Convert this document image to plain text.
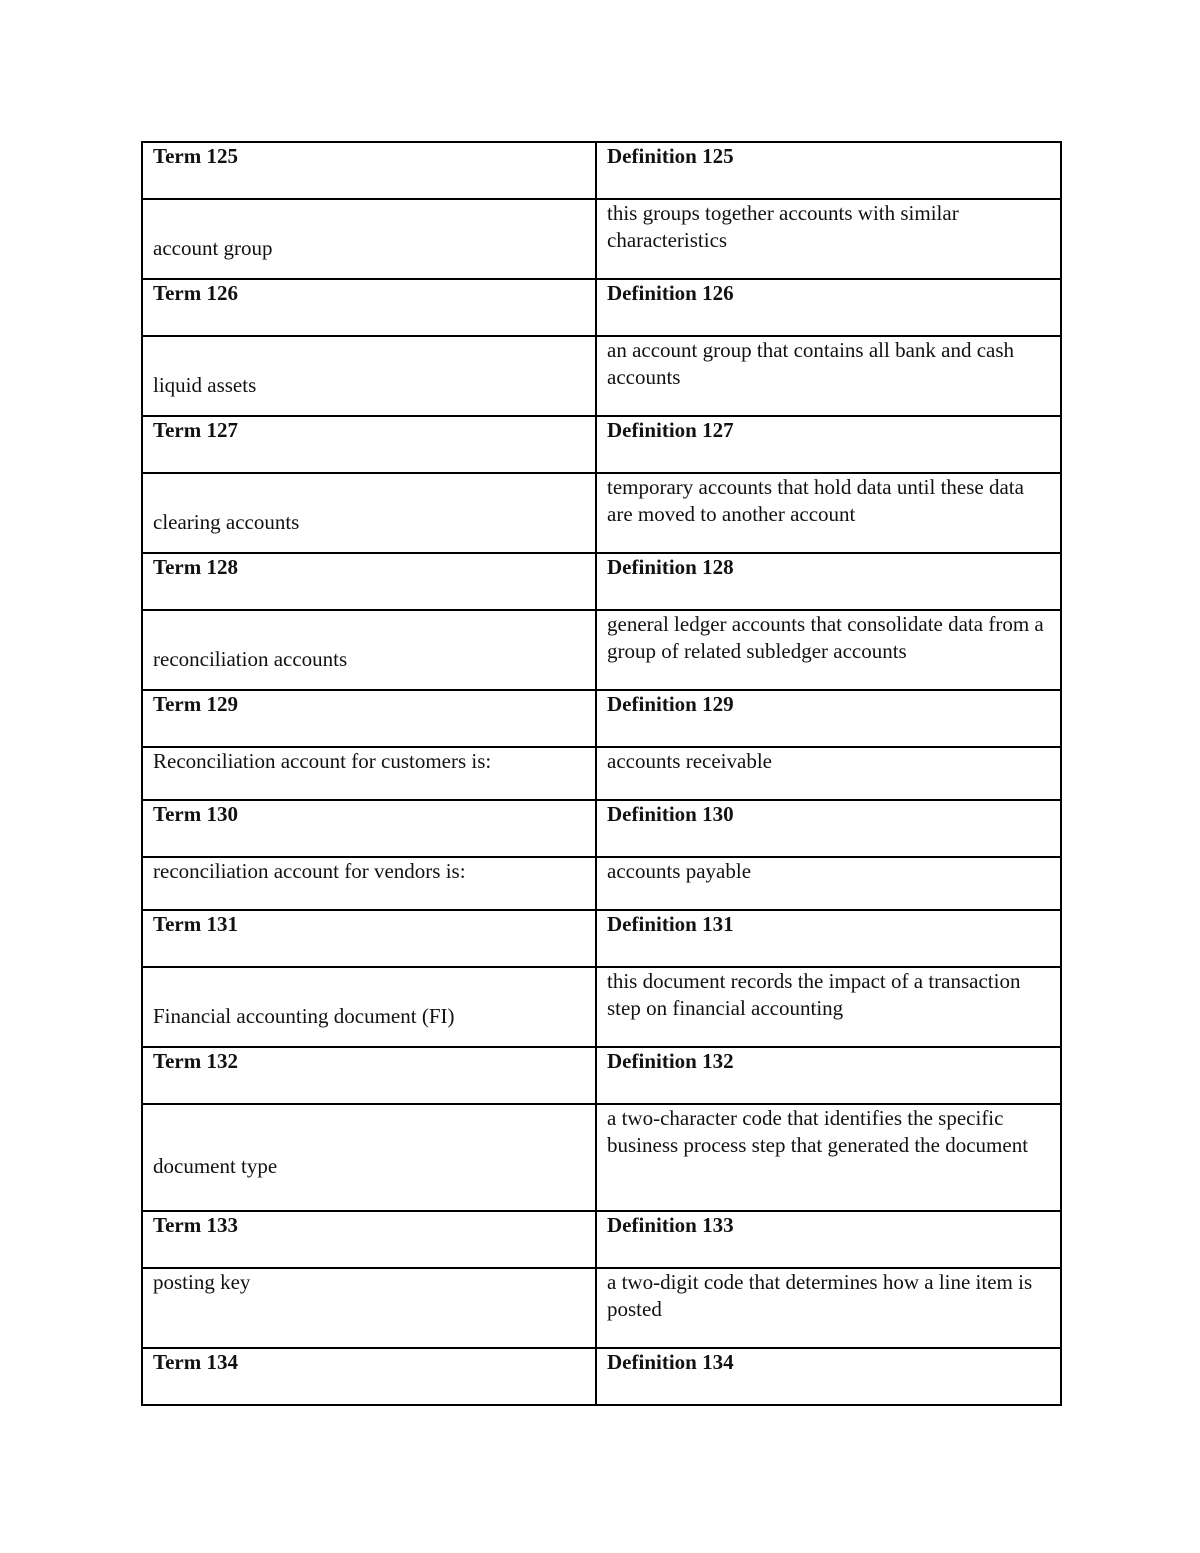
Term 125	Definition 125
account group	this groups together accounts with similar characteristics
Term 126	Definition 126
liquid assets	an account group that contains all bank and cash accounts
Term 127	Definition 127
clearing accounts	temporary accounts that hold data until these data are moved to another account
Term 128	Definition 128
reconciliation accounts	general ledger accounts that consolidate data from a group of related subledger accounts
Term 129	Definition 129
Reconciliation account for customers is:	accounts receivable
Term 130	Definition 130
reconciliation account for vendors is:	accounts payable
Term 131	Definition 131
Financial accounting document (FI)	this document records the impact of a transaction step on financial accounting
Term 132	Definition 132
document type	a two-character code that identifies the specific business process step that generated the document
Term 133	Definition 133
posting key	a two-digit code that determines how a line item is posted
Term 134	Definition 134
